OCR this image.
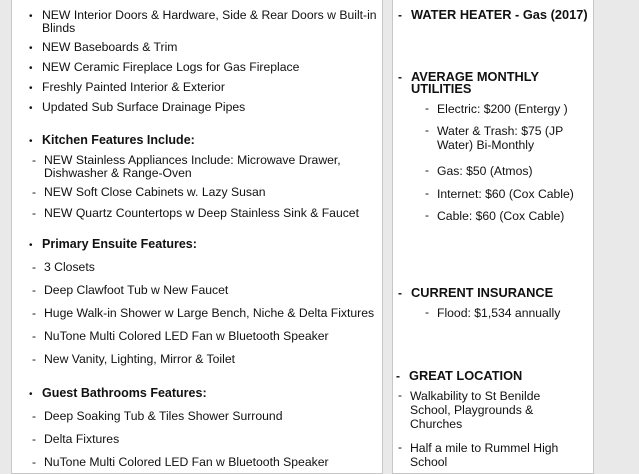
• NEW Interior Doors & Hardware, Side & Rear Doors w Built-in
Blinds
• NEW Baseboards & Trim
• NEW Ceramic Fireplace Logs for Gas Fireplace
• Freshly Painted Interior & Exterior
• Updated Sub Surface Drainage Pipes
• Kitchen Features Include:
- NEW Stainless Appliances Include: Microwave Drawer,
Dishwasher & Range-Oven
- NEW Soft Close Cabinets w. Lazy Susan
- NEW Quartz Countertops w Deep Stainless Sink & Faucet
• Primary Ensuite Features:
- 3 Closets
- Deep Clawfoot Tub w New Faucet
- Huge Walk-in Shower w Large Bench, Niche & Delta Fixtures
- NuTone Multi Colored LED Fan w Bluetooth Speaker
- New Vanity, Lighting, Mirror & Toilet
• Guest Bathrooms Features:
- Deep Soaking Tub & Tiles Shower Surround
- Delta Fixtures
- NuTone Multi Colored LED Fan w Bluetooth Speaker
- WATER HEATER - Gas (2017)
- AVERAGE MONTHLY
UTILITIES
- Electric: $200 (Entergy )
- Water & Trash: $75 (JP
Water) Bi-Monthly
- Gas: $50 (Atmos)
- Internet: $60 (Cox Cable)
- Cable: $60 (Cox Cable)
- CURRENT INSURANCE
- Flood: $1,534 annually
- GREAT LOCATION
- Walkability to St Benilde
School, Playgrounds &
Churches
- Half a mile to Rummel High
School
